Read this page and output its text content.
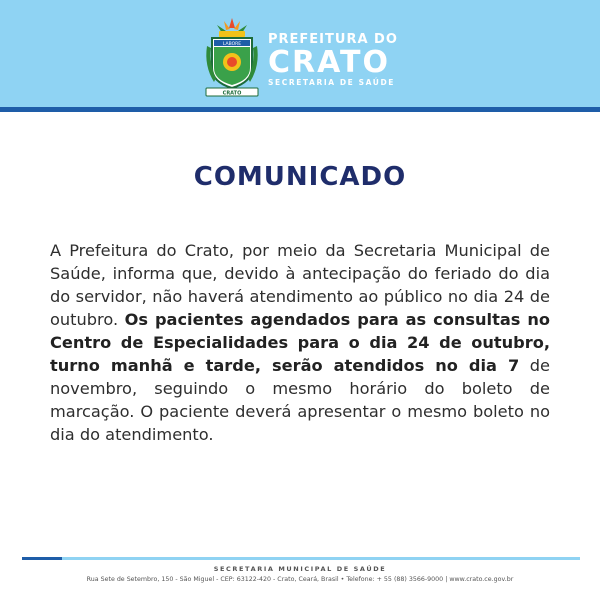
LABORE
CRATO
PREFEITURA DO
CRATO
SECRETARIA DE SAÚDE
COMUNICADO

A Prefeitura do Crato, por meio da Secretaria Municipal de Saúde, informa que, devido à antecipação do feriado do dia do servidor, não haverá atendimento ao público no dia 24 de outubro. Os pacientes agendados para as consultas no Centro de Especialidades para o dia 24 de outubro, turno manhã e tarde, serão atendidos no dia 7 de novembro, seguindo o mesmo horário do boleto de marcação. O paciente deverá apresentar o mesmo boleto no dia do atendimento.

SECRETARIA MUNICIPAL DE SAÚDE
Rua Sete de Setembro, 150 - São Miguel - CEP: 63122-420 - Crato, Ceará, Brasil • Telefone: + 55 (88) 3566-9000 | www.crato.ce.gov.br
